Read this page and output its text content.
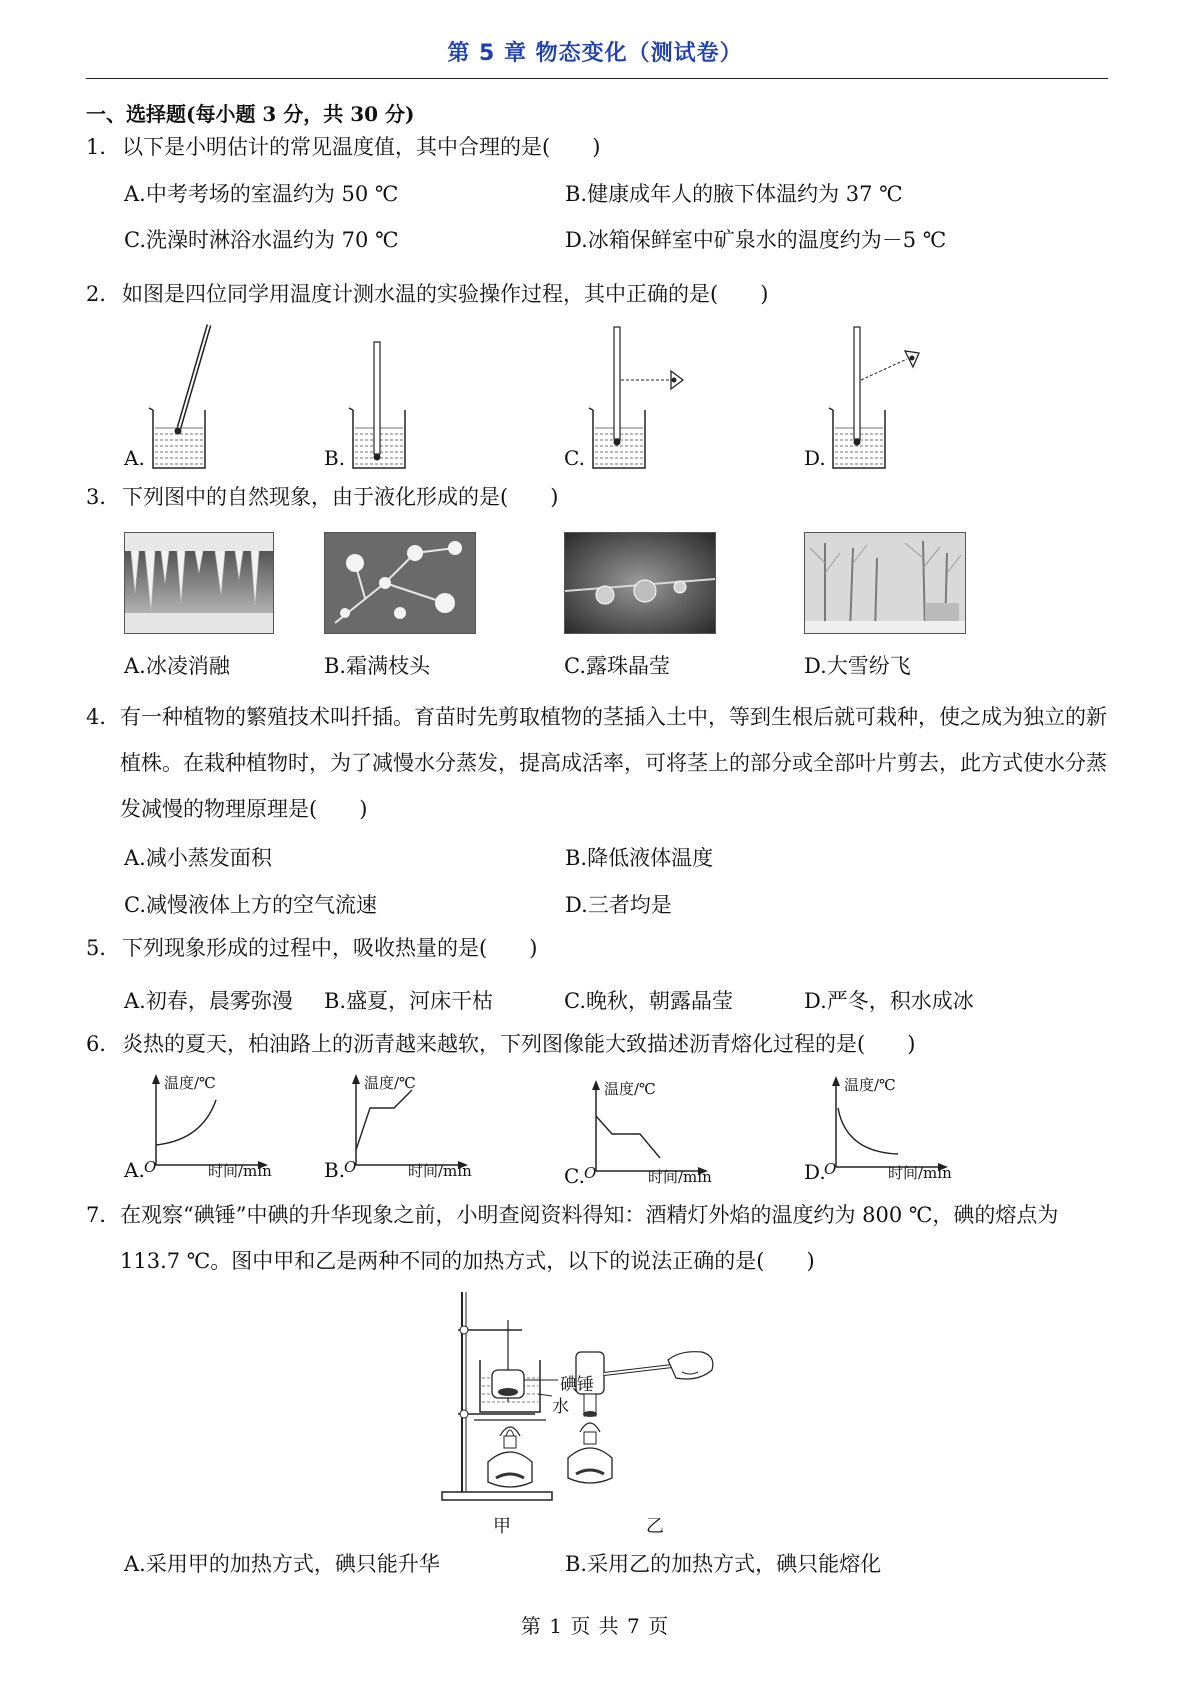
第 5 章 物态变化（测试卷）
一、选择题(每小题 3 分，共 30 分)
1．以下是小明估计的常见温度值，其中合理的是(　　)
A.中考考场的室温约为 50 ℃	B.健康成年人的腋下体温约为 37 ℃
C.洗澡时淋浴水温约为 70 ℃	D.冰箱保鲜室中矿泉水的温度约为－5 ℃
2．如图是四位同学用温度计测水温的实验操作过程，其中正确的是(　　)
A.	B.	C.	D.
3．下列图中的自然现象，由于液化形成的是(　　)
A.冰凌消融	B.霜满枝头	C.露珠晶莹	D.大雪纷飞
4．有一种植物的繁殖技术叫扦插。育苗时先剪取植物的茎插入土中，等到生根后就可栽种，使之成为独立的新植株。在栽种植物时，为了减慢水分蒸发，提高成活率，可将茎上的部分或全部叶片剪去，此方式使水分蒸发减慢的物理原理是(　　)
A.减小蒸发面积	B.降低液体温度
C.减慢液体上方的空气流速	D.三者均是
5．下列现象形成的过程中，吸收热量的是(　　)
A.初春，晨雾弥漫 B.盛夏，河床干枯	C.晚秋，朝露晶莹	D.严冬，积水成冰
6．炎热的夏天，柏油路上的沥青越来越软，下列图像能大致描述沥青熔化过程的是(　　)
A. O
温度/℃
时间/min	B.
O
温度/℃
时间/min	C. O
温度/℃
时间/min	D.
O
温度/℃
时间/min
7．在观察“碘锤”中碘的升华现象之前，小明查阅资料得知：酒精灯外焰的温度约为 800 ℃，碘的熔点为 113.7 ℃。图中甲和乙是两种不同的加热方式，以下的说法正确的是(　　)
碘锤
水
甲	乙
A.采用甲的加热方式，碘只能升华	B.采用乙的加热方式，碘只能熔化
第 1 页 共 7 页
